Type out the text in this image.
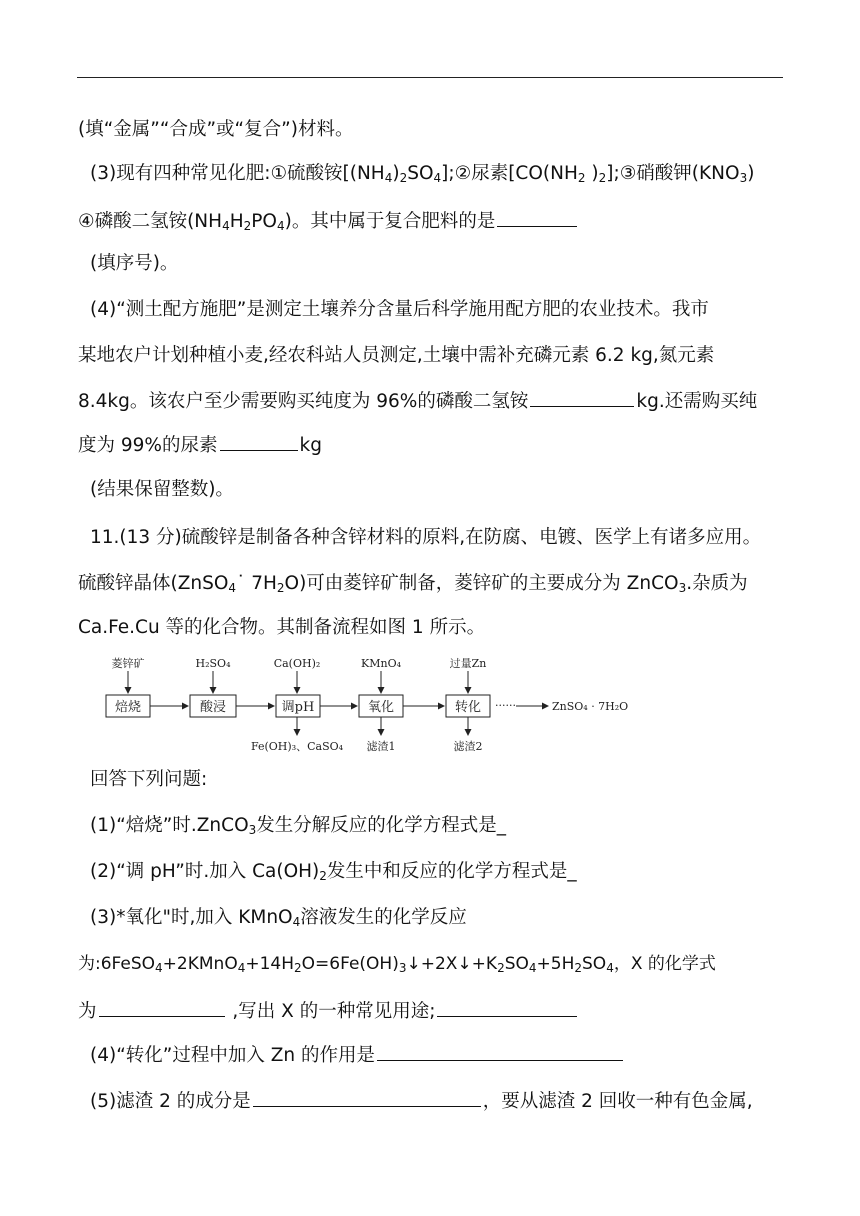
(填“金属”“合成”或“复合”)材料。
(3)现有四种常见化肥:①硫酸铵$[(NH_4)_2SO_4];②$尿素[$CO(NH_2$ )$_2];③$硝酸钾$(KNO_3)$
④磷酸二氢铵$(NH_4H_2PO_4)$。其中属于复合肥料的是
(填序号)。
(4)“测土配方施肥”是测定土壤养分含量后科学施用配方肥的农业技术。我市
某地农户计划种植小麦,经农科站人员测定,土壤中需补充磷元素 6.2 kg,氮元素
8.4kg。该农户至少需要购买纯度为 96%的磷酸二氢铵	kg.还需购买纯
度为 99%的尿素	kg
(结果保留整数)。
11.(13 分)硫酸锌是制备各种含锌材料的原料,在防腐、电镀、医学上有诸多应用。
硫酸锌晶体(ZnSO$_4$˙ $7H_2O$)可由菱锌矿制备，菱锌矿的主要成分为 ZnCO$_3$.杂质为
Ca.Fe.Cu 等的化合物。其制备流程如图 1 所示。
菱锌矿	H₂SO₄	Ca(OH)₂	KMnO₄	过量Zn
焙烧	酸浸	调pH	氧化	转化 ······	ZnSO₄ · 7H₂O
Fe(OH)₃、CaSO₄ 滤渣1	滤渣2
回答下列问题:
(1)“焙烧”时.ZnCO$_3$发生分解反应的化学方程式是_
(2)“调 pH”时.加入 $Ca(OH)_2$发生中和反应的化学方程式是_
(3)*氧化"时,加入 KMnO$_4$溶液发生的化学反应
为$:6FeSO_4+2KMnO_4+14H_2O=6Fe(OH)_3↓+2X↓+K_2SO_4+5H_2SO_4$，X 的化学式
为	,写出 X 的一种常见用途;
(4)“转化”过程中加入 Zn 的作用是
(5)滤渣 2 的成分是	，要从滤渣 2 回收一种有色金属,
